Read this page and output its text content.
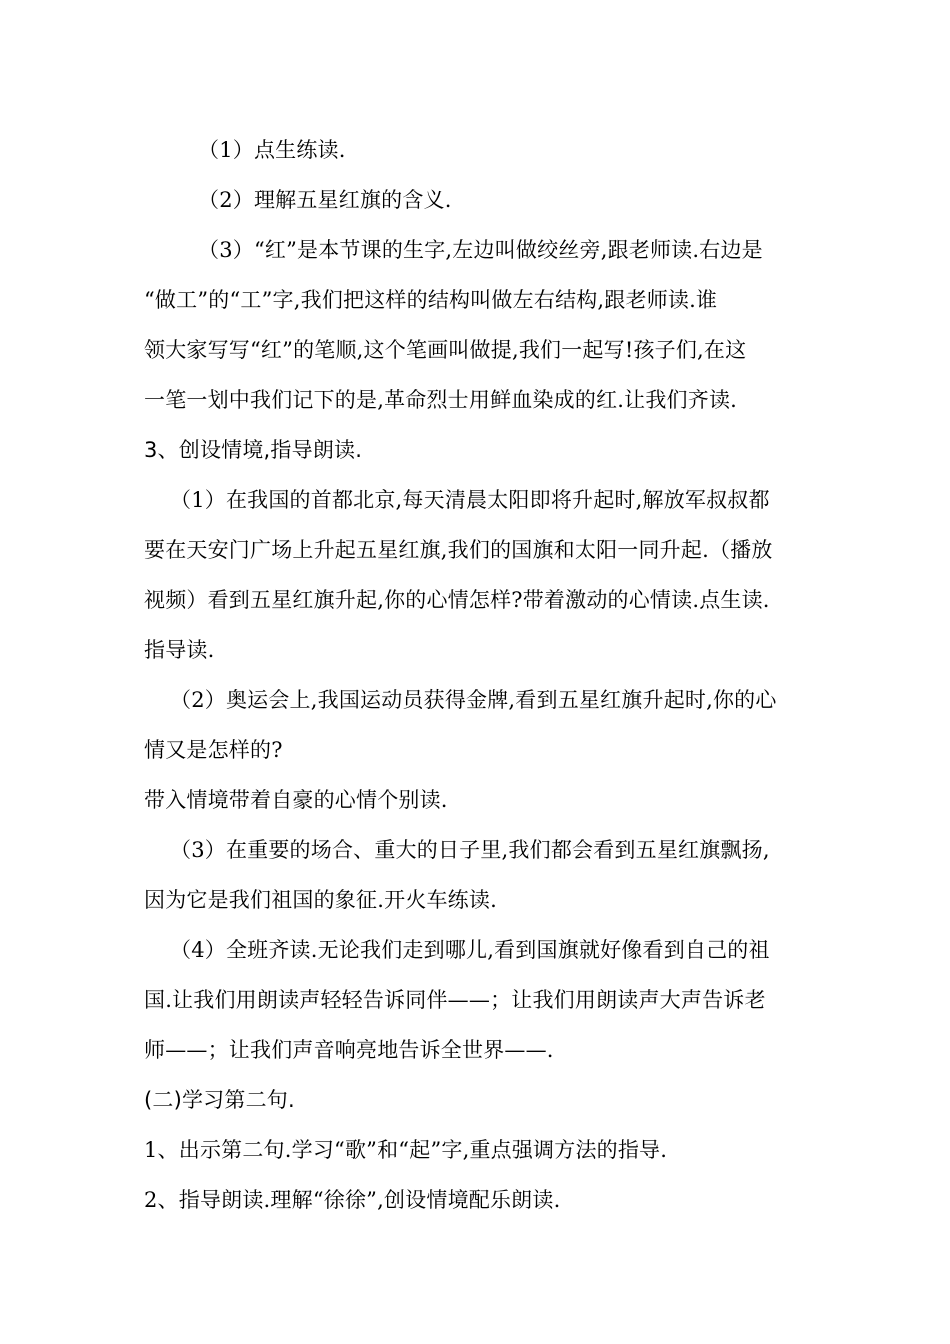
（1）点生练读.
（2）理解五星红旗的含义.
（3）“红”是本节课的生字,左边叫做绞丝旁,跟老师读.右边是
“做工”的“工”字,我们把这样的结构叫做左右结构,跟老师读.谁
领大家写写“红”的笔顺,这个笔画叫做提,我们一起写!孩子们,在这
一笔一划中我们记下的是,革命烈士用鲜血染成的红.让我们齐读.
3、创设情境,指导朗读.
（1）在我国的首都北京,每天清晨太阳即将升起时,解放军叔叔都
要在天安门广场上升起五星红旗,我们的国旗和太阳一同升起.（播放
视频）看到五星红旗升起,你的心情怎样?带着激动的心情读.点生读.
指导读.
（2）奥运会上,我国运动员获得金牌,看到五星红旗升起时,你的心
情又是怎样的?
带入情境带着自豪的心情个别读.
（3）在重要的场合、重大的日子里,我们都会看到五星红旗飘扬,
因为它是我们祖国的象征.开火车练读.
（4）全班齐读.无论我们走到哪儿,看到国旗就好像看到自己的祖
国.让我们用朗读声轻轻告诉同伴——；让我们用朗读声大声告诉老
师——；让我们声音响亮地告诉全世界——.
(二)学习第二句.
1、出示第二句.学习“歌”和“起”字,重点强调方法的指导.
2、指导朗读.理解“徐徐”,创设情境配乐朗读.
